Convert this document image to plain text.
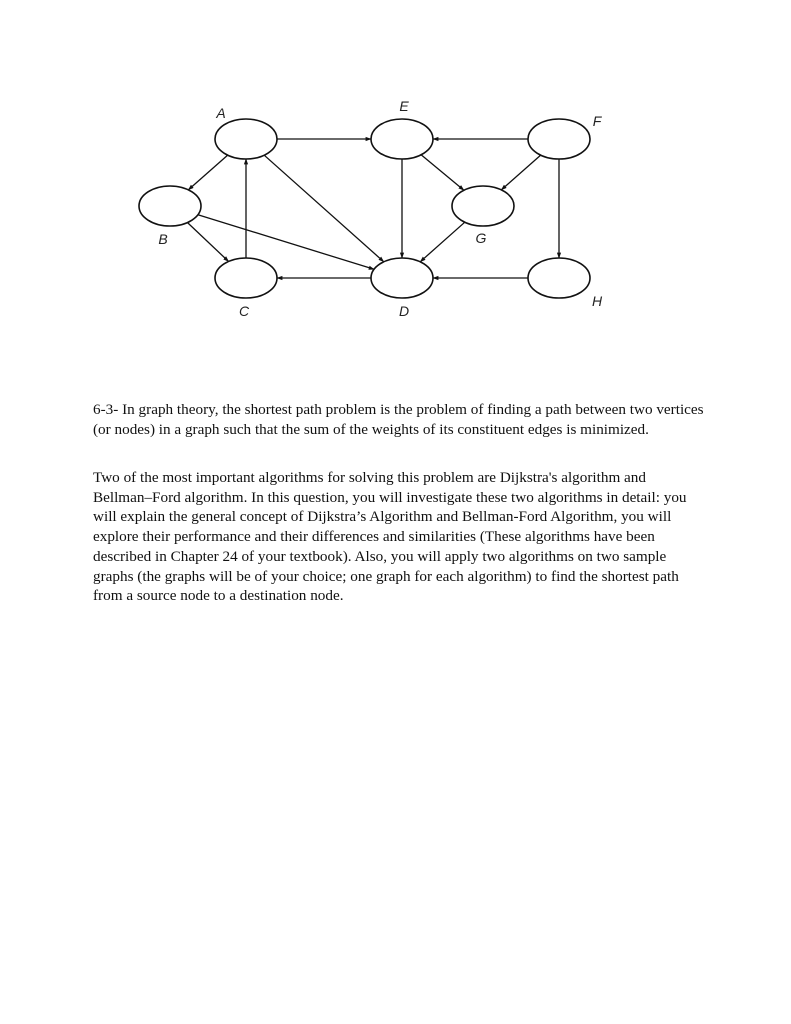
A
B
C	D
E
F
G
H

6-3- In graph theory, the shortest path problem is the problem of finding a path between two vertices (or nodes) in a graph such that the sum of the weights of its constituent edges is minimized.

Two of the most important algorithms for solving this problem are Dijkstra's algorithm and Bellman–Ford algorithm. In this question, you will investigate these two algorithms in detail: you will explain the general concept of Dijkstra’s Algorithm and Bellman-Ford Algorithm, you will explore their performance and their differences and similarities (These algorithms have been described in Chapter 24 of your textbook). Also, you will apply two algorithms on two sample graphs (the graphs will be of your choice; one graph for each algorithm) to find the shortest path from a source node to a destination node.
